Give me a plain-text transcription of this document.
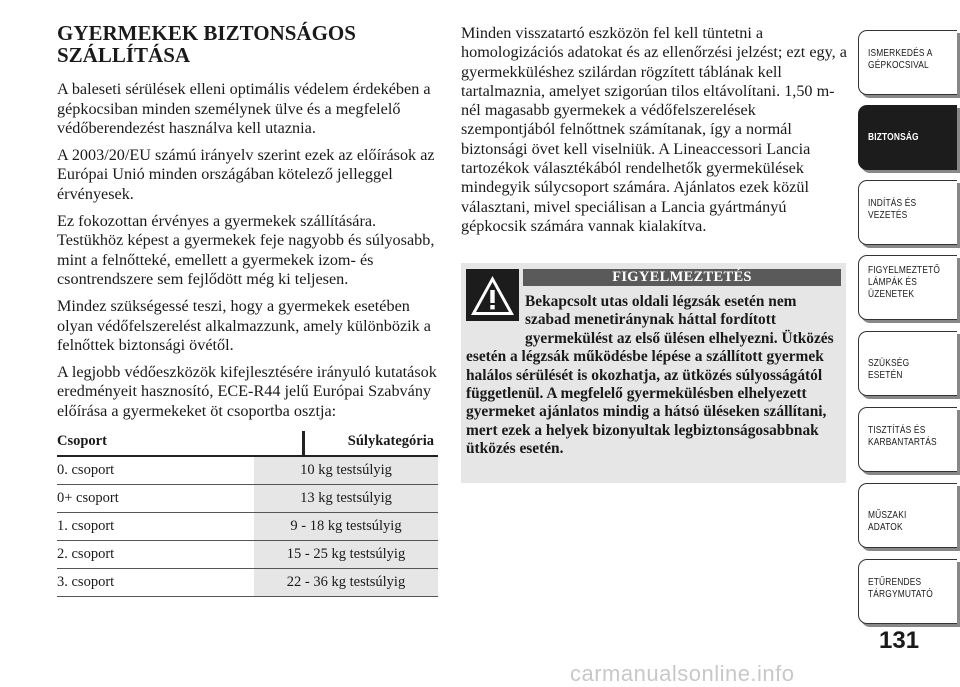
GYERMEKEK BIZTONSÁGOS SZÁLLÍTÁSA

A baleseti sérülések elleni optimális védelem érdekében a gépkocsiban minden személynek ülve és a megfelelő védőberendezést használva kell utaznia.

A 2003/20/EU számú irányelv szerint ezek az előírások az Európai Unió minden országában kötelező jelleggel érvényesek.

Ez fokozottan érvényes a gyermekek szállítására. Testükhöz képest a gyermekek feje nagyobb és súlyosabb, mint a felnőtteké, emellett a gyermekek izom- és csontrendszere sem fejlődött még ki teljesen.

Mindez szükségessé teszi, hogy a gyermekek esetében olyan védőfelszerelést alkalmazzunk, amely különbözik a felnőttek biztonsági övétől.

A legjobb védőeszközök kifejlesztésére irányuló kutatások eredményeit hasznosító, ECE-R44 jelű Európai Szabvány előírása a gyermekeket öt csoportba osztja:

Csoport	Súlykategória
0. csoport	10 kg testsúlyig
0+ csoport	13 kg testsúlyig
1. csoport	9 - 18 kg testsúlyig
2. csoport	15 - 25 kg testsúlyig
3. csoport	22 - 36 kg testsúlyig

Minden visszatartó eszközön fel kell tüntetni a homologizációs adatokat és az ellenőrzési jelzést; ezt egy, a gyermekküléshez szilárdan rögzített táblának kell tartalmaznia, amelyet szigorúan tilos eltávolítani. 1,50 m-nél magasabb gyermekek a védőfelszerelések szempontjából felnőttnek számítanak, így a normál biztonsági övet kell viselniük. A Lineaccessori Lancia tartozékok választékából rendelhetők gyermekülések mindegyik súlycsoport számára. Ajánlatos ezek közül választani, mivel speciálisan a Lancia gyártmányú gépkocsik számára vannak kialakítva.

FIGYELMEZTETÉS
Bekapcsolt utas oldali légzsák esetén nem szabad menetiránynak háttal fordított gyermekülést az első ülésen elhelyezni. Ütközés esetén a légzsák működésbe lépése a szállított gyermek halálos sérülését is okozhatja, az ütközés súlyosságától függetlenül. A megfelelő gyermekülésben elhelyezett gyermeket ajánlatos mindig a hátsó üléseken szállítani, mert ezek a helyek bizonyultak legbiztonságosabbnak ütközés esetén.
ISMERKEDÉS A GÉPKOCSIVAL
BIZTONSÁG
INDÍTÁS ÉS VEZETÉS
FIGYELMEZTETŐ LÁMPÁK ÉS ÜZENETEK
SZÜKSÉG ESETÉN
TISZTÍTÁS ÉS KARBANTARTÁS
MŰSZAKI ADATOK
ETŰRENDES TÁRGYMUTATÓ
131
carmanualsonline.info
